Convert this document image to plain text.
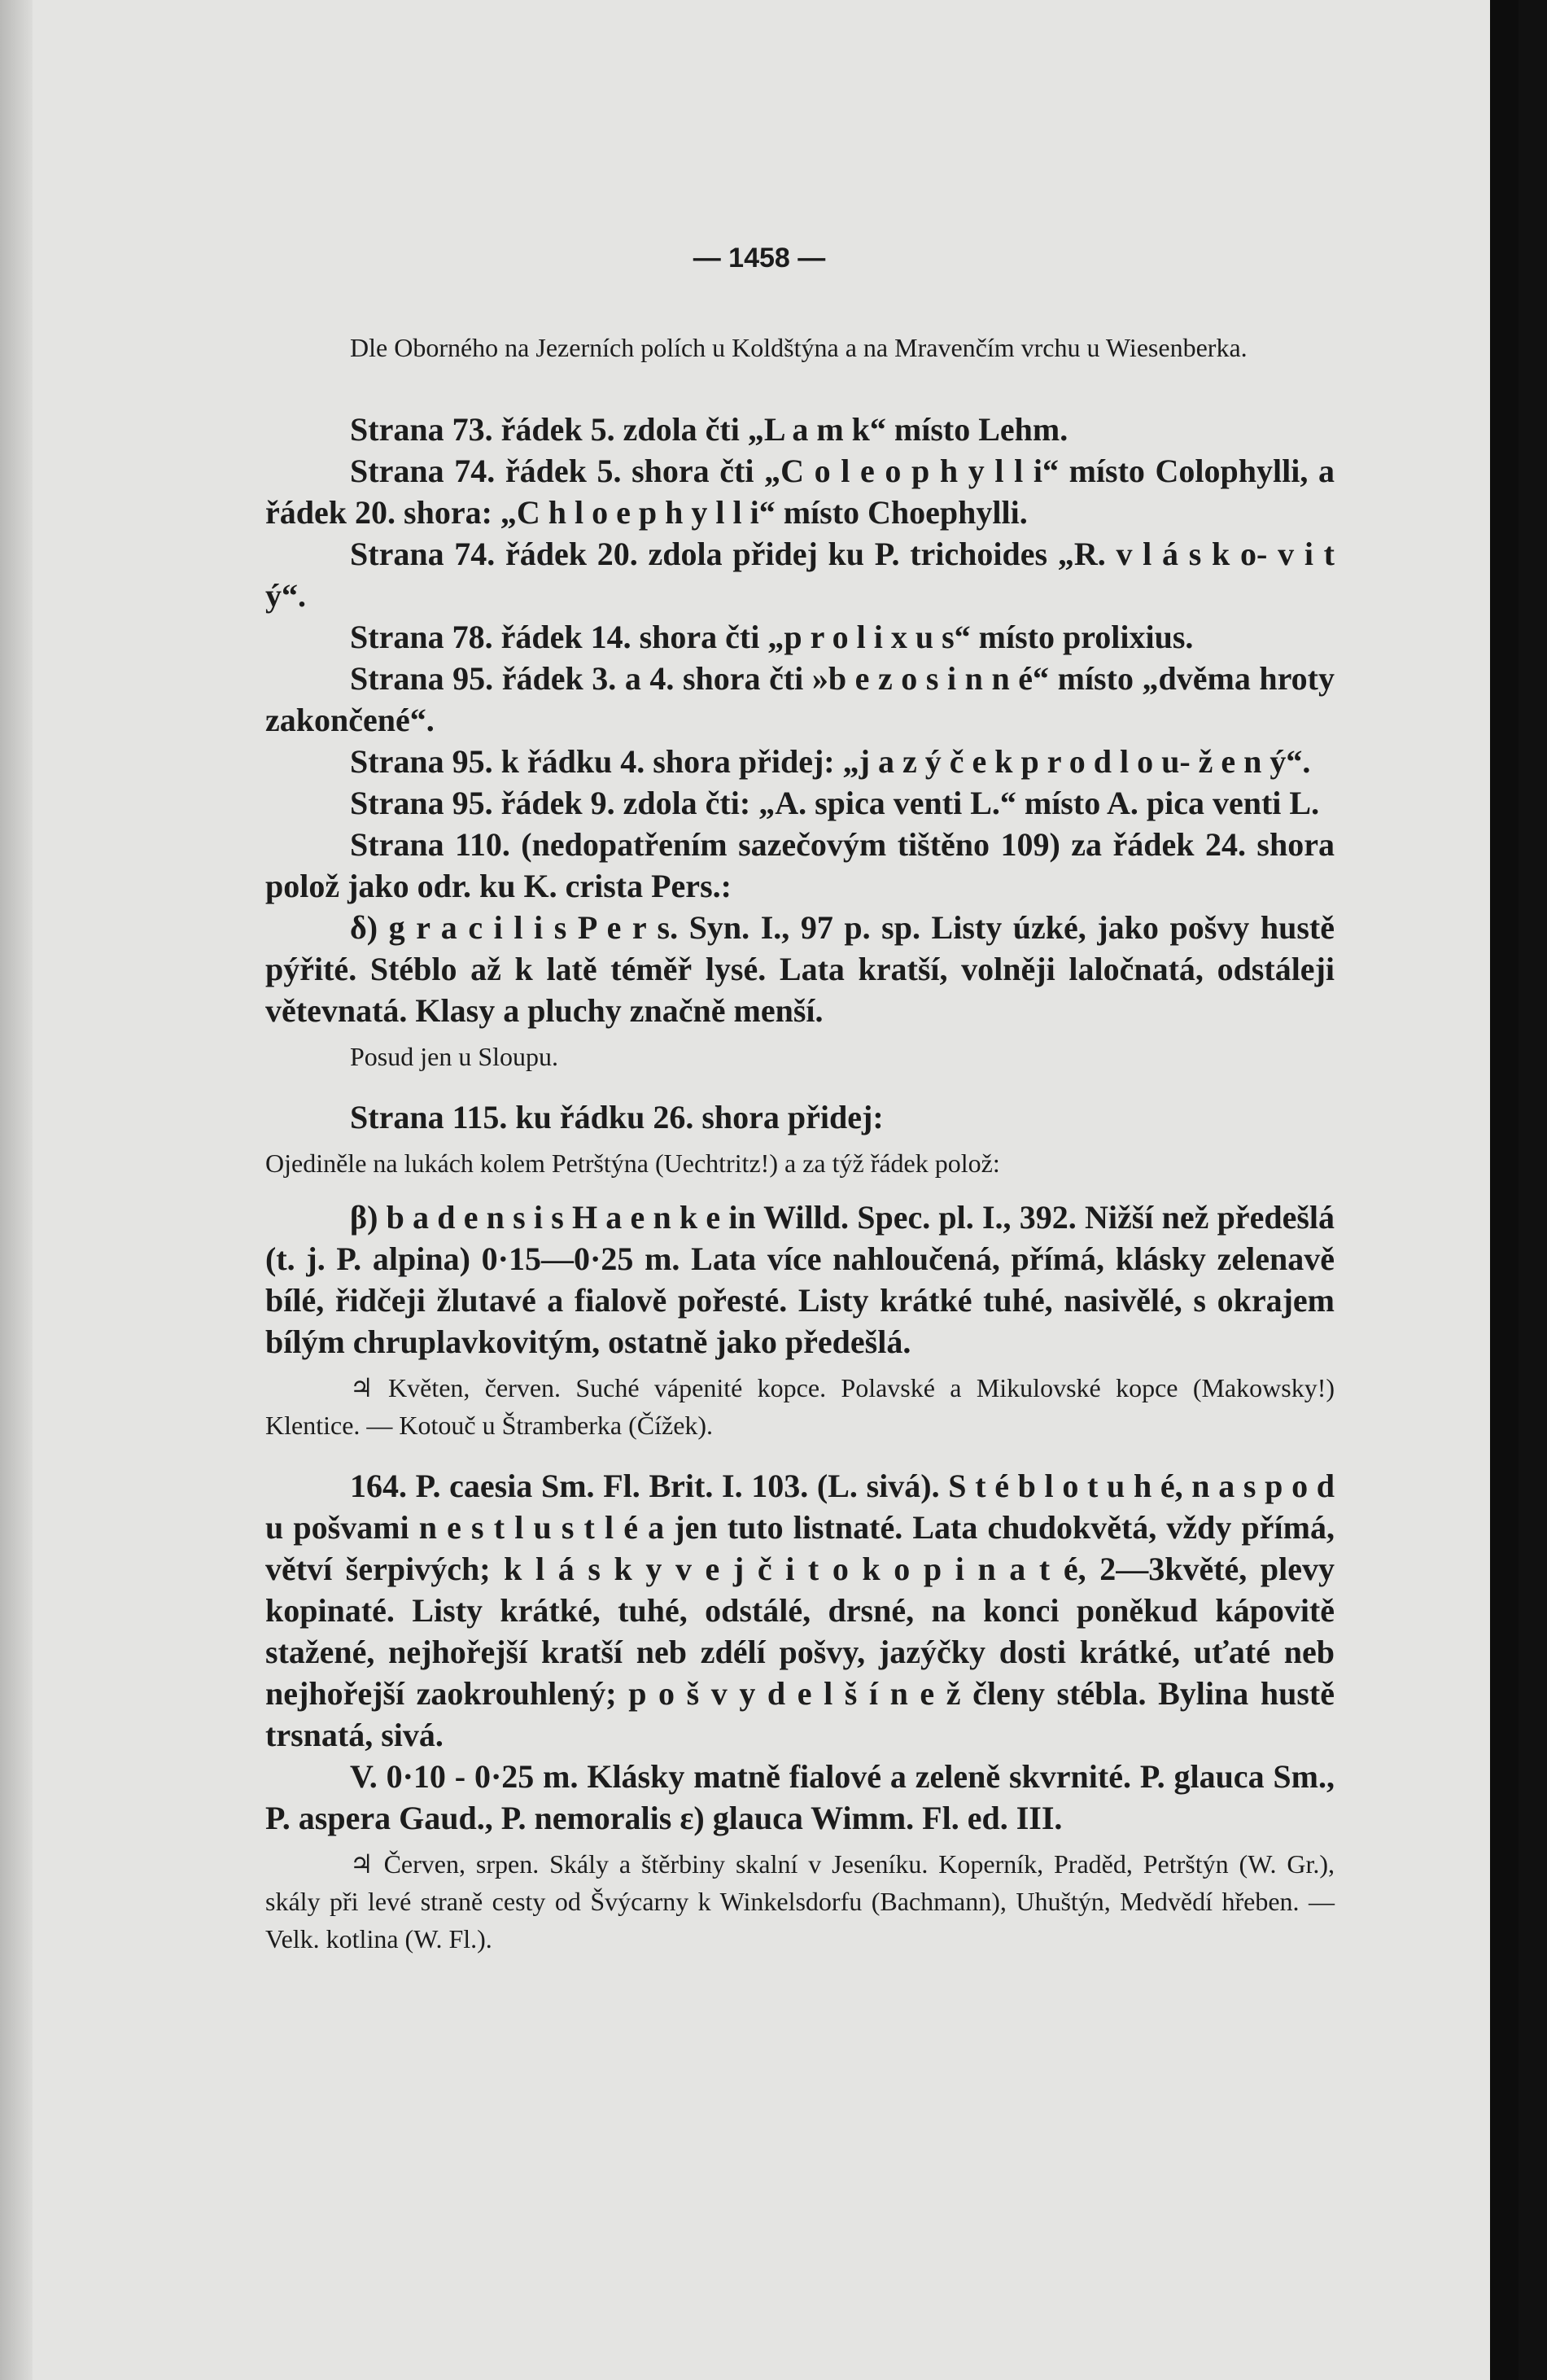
— 1458 —

Dle Oborného na Jezerních polích u Koldštýna a na Mravenčím vrchu u Wiesenberka.

Strana 73. řádek 5. zdola čti „L a m k“ místo Lehm.

Strana 74. řádek 5. shora čti „C o l e o p h y l l i“ místo Colophylli, a řádek 20. shora: „C h l o e p h y l l i“ místo Choephylli.

Strana 74. řádek 20. zdola přidej ku P. trichoides „R. v l á s k o- v i t ý“.

Strana 78. řádek 14. shora čti „p r o l i x u s“ místo prolixius.

Strana 95. řádek 3. a 4. shora čti »b e z o s i n n é“ místo „dvěma hroty zakončené“.

Strana 95. k řádku 4. shora přidej: „j a z ý č e k p r o d l o u- ž e n ý“.

Strana 95. řádek 9. zdola čti: „A. spica venti L.“ místo A. pica venti L.

Strana 110. (nedopatřením sazečovým tištěno 109) za řádek 24. shora polož jako odr. ku K. crista Pers.:

δ) g r a c i l i s P e r s. Syn. I., 97 p. sp. Listy úzké, jako pošvy hustě pýřité. Stéblo až k latě téměř lysé. Lata kratší, volněji laločnatá, odstáleji větevnatá. Klasy a pluchy značně menší.

Posud jen u Sloupu.

Strana 115. ku řádku 26. shora přidej:

Ojediněle na lukách kolem Petrštýna (Uechtritz!) a za týž řádek polož:

β) b a d e n s i s H a e n k e in Willd. Spec. pl. I., 392. Nižší než předešlá (t. j. P. alpina) 0·15—0·25 m. Lata více nahloučená, přímá, klásky zelenavě bílé, řidčeji žlutavé a fialově pořesté. Listy krátké tuhé, nasivělé, s okrajem bílým chruplavkovitým, ostatně jako předešlá.

♃ Květen, červen. Suché vápenité kopce. Polavské a Mikulovské kopce (Makowsky!) Klentice. — Kotouč u Štramberka (Čížek).

164. P. caesia Sm. Fl. Brit. I. 103. (L. sivá). S t é b l o t u h é, n a s p o d u pošvami n e s t l u s t l é a jen tuto listnaté. Lata chudokvětá, vždy přímá, větví šerpivých; k l á s k y v e j č i t o k o p i n a t é, 2—3květé, plevy kopinaté. Listy krátké, tuhé, odstálé, drsné, na konci poněkud kápovitě stažené, nejhořejší kratší neb zdélí pošvy, jazýčky dosti krátké, uťaté neb nejhořejší zaokrouhlený; p o š v y d e l š í n e ž členy stébla. Bylina hustě trsnatá, sivá.

V. 0·10 - 0·25 m. Klásky matně fialové a zeleně skvrnité. P. glauca Sm., P. aspera Gaud., P. nemoralis ε) glauca Wimm. Fl. ed. III.

♃ Červen, srpen. Skály a štěrbiny skalní v Jeseníku. Koperník, Praděd, Petrštýn (W. Gr.), skály při levé straně cesty od Švýcarny k Winkelsdorfu (Bachmann), Uhuštýn, Medvědí hřeben. — Velk. kotlina (W. Fl.).
